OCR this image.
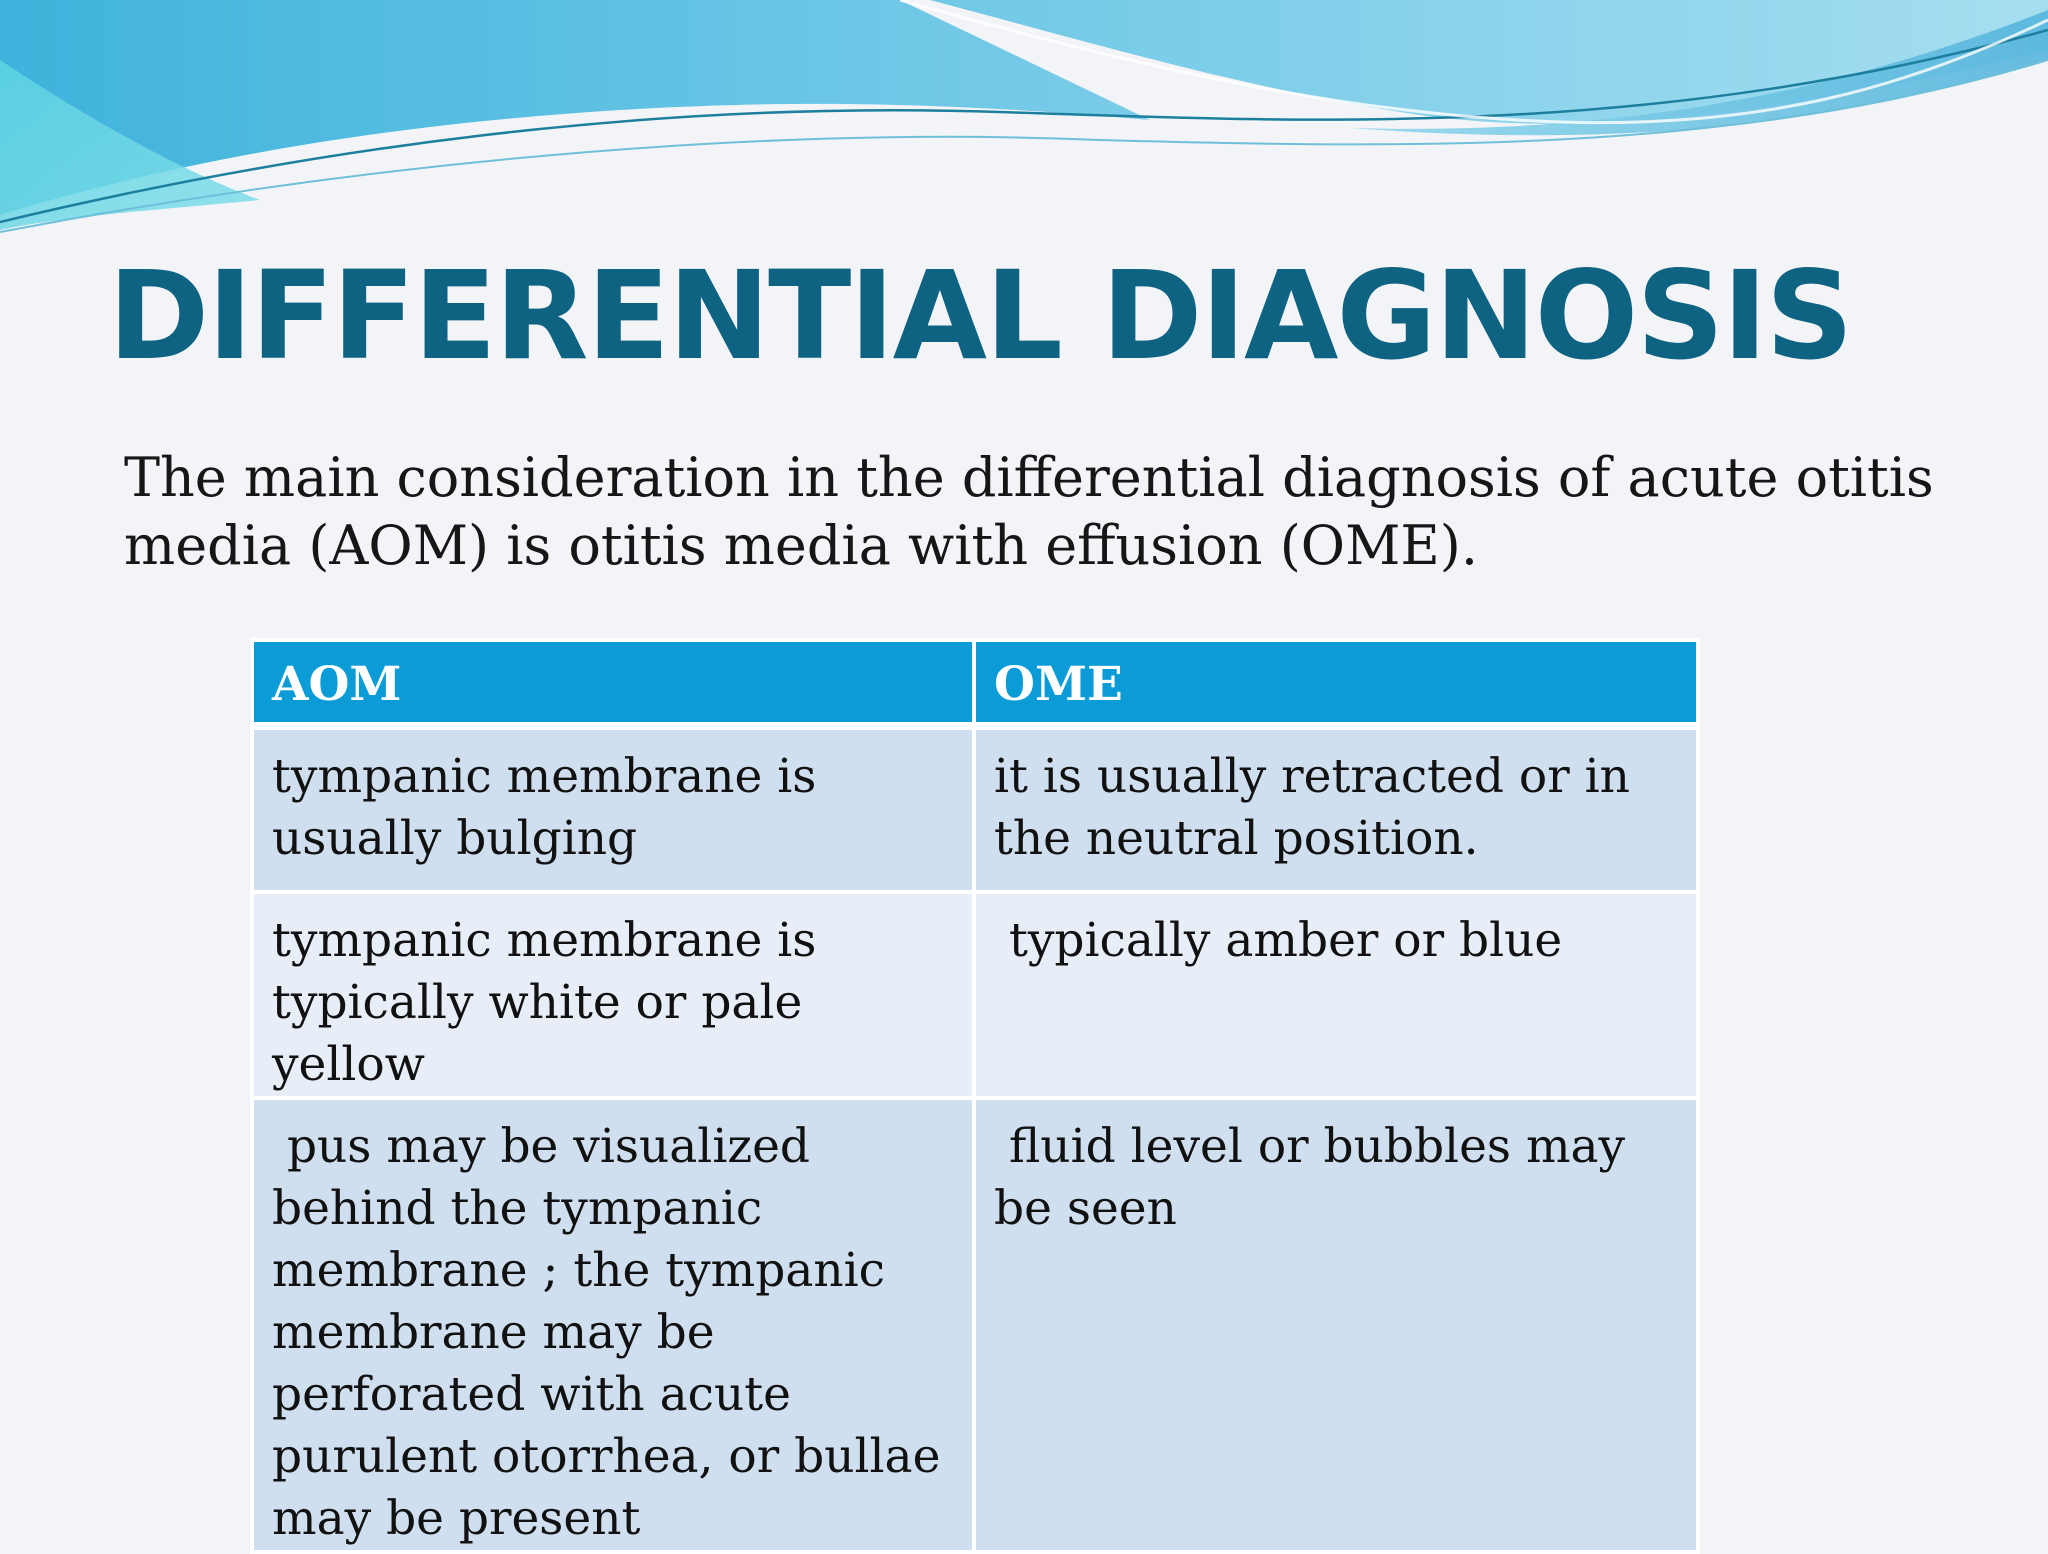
DIFFERENTIAL DIAGNOSIS

The main consideration in the differential diagnosis of acute otitis media (AOM) is otitis media with effusion (OME).

AOM	OME
tympanic membrane is usually bulging	it is usually retracted or in the neutral position.
tympanic membrane is typically white or pale yellow	typically amber or blue
pus may be visualized behind the tympanic membrane ; the tympanic membrane may be perforated with acute purulent otorrhea, or bullae may be present	fluid level or bubbles may be seen
